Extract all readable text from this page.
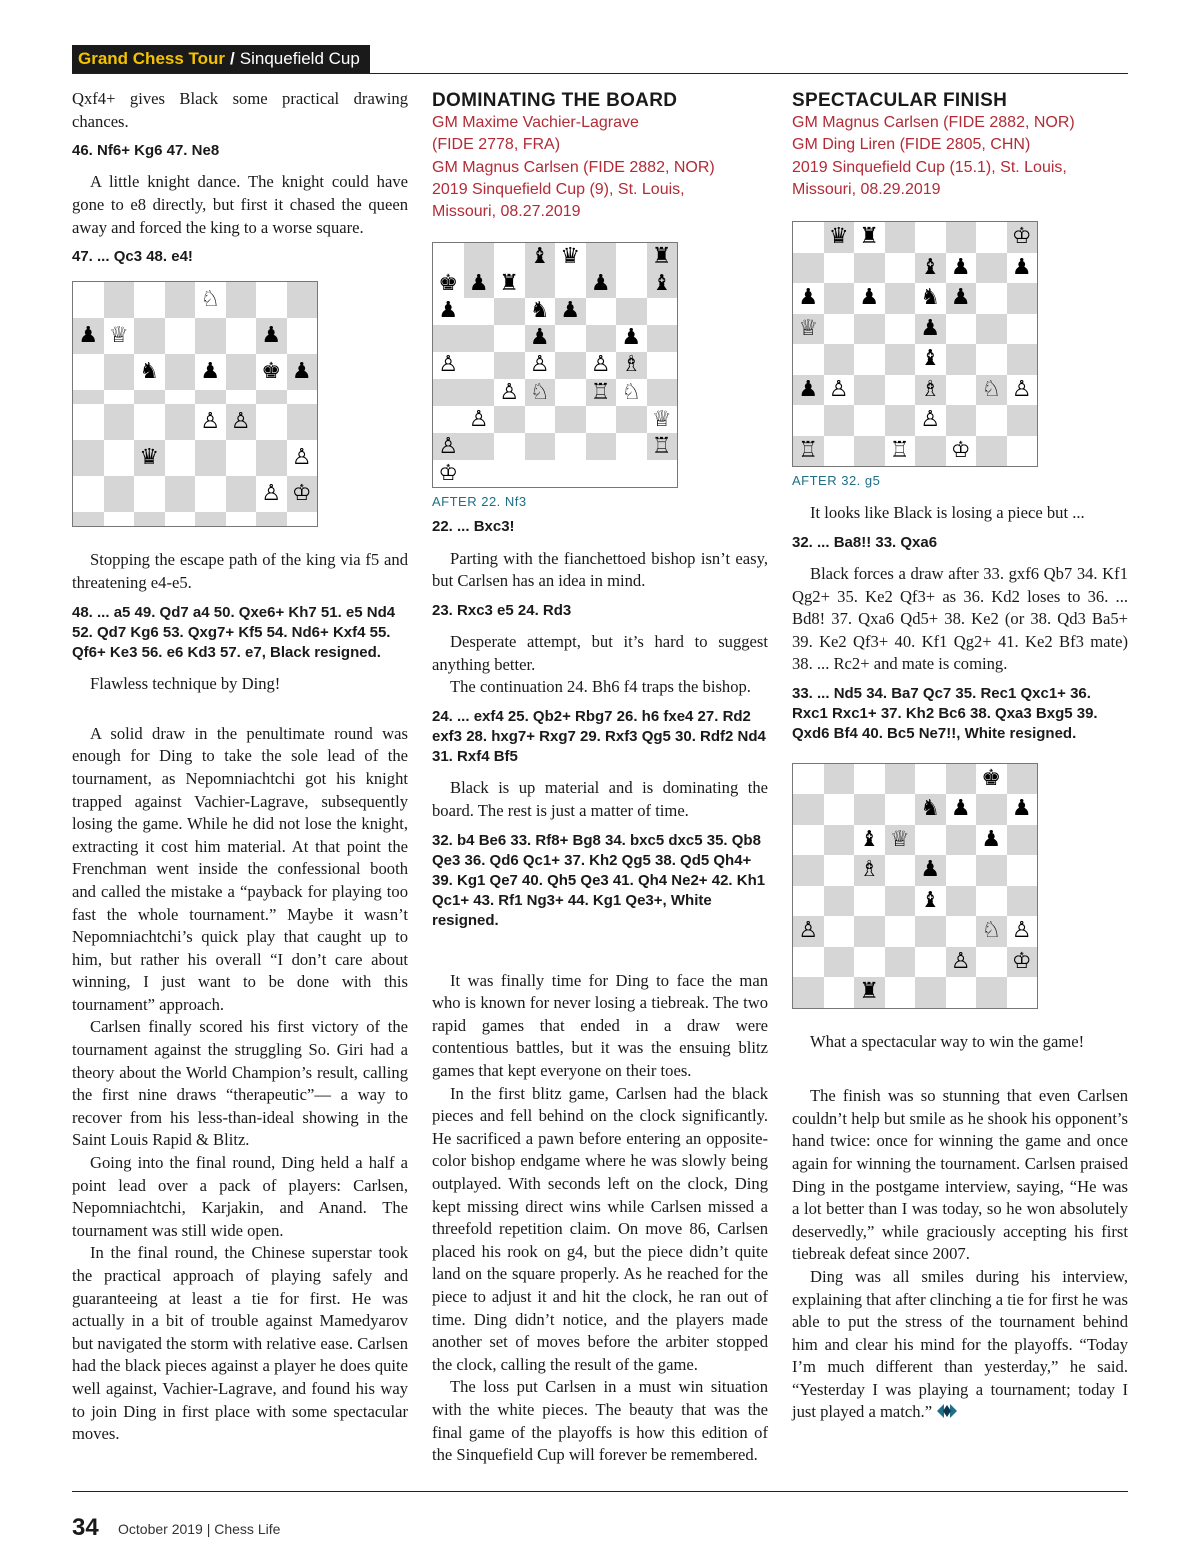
Grand Chess Tour / Sinquefield Cup

Qxf4+ gives Black some practical drawing chances.

46. Nf6+ Kg6 47. Ne8

A little knight dance. The knight could have gone to e8 directly, but first it chased the queen away and forced the king to a worse square.

47. ... Qc3 48. e4!
♘
♟ ♕	♟
♞ ♟ ♚ ♟
♙ ♙
♛	♙
♙ ♔

Stopping the escape path of the king via f5 and threatening e4-e5.

48. ... a5 49. Qd7 a4 50. Qxe6+ Kh7 51. e5 Nd4 52. Qd7 Kg6 53. Qxg7+ Kf5 54. Nd6+ Kxf4 55. Qf6+ Ke3 56. e6 Kd3 57. e7, Black resigned.

Flawless technique by Ding!

A solid draw in the penultimate round was enough for Ding to take the sole lead of the tournament, as Nepomniachtchi got his knight trapped against Vachier-Lagrave, subsequently losing the game. While he did not lose the knight, extracting it cost him material. At that point the Frenchman went inside the confessional booth and called the mistake a “payback for playing too fast the whole tournament.” Maybe it wasn’t Nepomniachtchi’s quick play that caught up to him, but rather his overall “I don’t care about winning, I just want to be done with this tournament” approach.

Carlsen finally scored his first victory of the tournament against the struggling So. Giri had a theory about the World Champion’s result, calling the first nine draws “therapeutic”— a way to recover from his less-than-ideal showing in the Saint Louis Rapid & Blitz.

Going into the final round, Ding held a half a point lead over a pack of players: Carlsen, Nepomniachtchi, Karjakin, and Anand. The tournament was still wide open.

In the final round, the Chinese superstar took the practical approach of playing safely and guaranteeing at least a tie for first. He was actually in a bit of trouble against Mamedyarov but navigated the storm with relative ease. Carlsen had the black pieces against a player he does quite well against, Vachier-Lagrave, and found his way to join Ding in first place with some spectacular moves.

DOMINATING THE BOARD
GM Maxime Vachier-Lagrave
(FIDE 2778, FRA)
GM Magnus Carlsen (FIDE 2882, NOR)
2019 Sinquefield Cup (9), St. Louis,
Missouri, 08.27.2019
♝ ♛	♜
♚ ♟ ♜	♟ ♝
♟	♞ ♟
♟	♟
♙	♙ ♙ ♗
♙ ♘ ♖ ♘
♙	♕
♙	♖
♔
AFTER 22. Nf3
22. ... Bxc3!

Parting with the fianchettoed bishop isn’t easy, but Carlsen has an idea in mind.

23. Rxc3 e5 24. Rd3

Desperate attempt, but it’s hard to suggest anything better.

The continuation 24. Bh6 f4 traps the bishop.

24. ... exf4 25. Qb2+ Rbg7 26. h6 fxe4 27. Rd2 exf3 28. hxg7+ Rxg7 29. Rxf3 Qg5 30. Rdf2 Nd4 31. Rxf4 Bf5

Black is up material and is dominating the board. The rest is just a matter of time.

32. b4 Be6 33. Rf8+ Bg8 34. bxc5 dxc5 35. Qb8 Qe3 36. Qd6 Qc1+ 37. Kh2 Qg5 38. Qd5 Qh4+ 39. Kg1 Qe7 40. Qh5 Qe3 41. Qh4 Ne2+ 42. Kh1 Qc1+ 43. Rf1 Ng3+ 44. Kg1 Qe3+, White resigned.

It was finally time for Ding to face the man who is known for never losing a tiebreak. The two rapid games that ended in a draw were contentious battles, but it was the ensuing blitz games that kept everyone on their toes.

In the first blitz game, Carlsen had the black pieces and fell behind on the clock significantly. He sacrificed a pawn before entering an opposite-color bishop endgame where he was slowly being outplayed. With seconds left on the clock, Ding kept missing direct wins while Carlsen missed a threefold repetition claim. On move 86, Carlsen placed his rook on g4, but the piece didn’t quite land on the square properly. As he reached for the piece to adjust it and hit the clock, he ran out of time. Ding didn’t notice, and the players made another set of moves before the arbiter stopped the clock, calling the result of the game.

The loss put Carlsen in a must win situation with the white pieces. The beauty that was the final game of the playoffs is how this edition of the Sinquefield Cup will forever be remembered.

SPECTACULAR FINISH
GM Magnus Carlsen (FIDE 2882, NOR)
GM Ding Liren (FIDE 2805, CHN)
2019 Sinquefield Cup (15.1), St. Louis,
Missouri, 08.29.2019
♛ ♜	♔
♝ ♟ ♟
♟ ♟ ♞ ♟
♕	♟
♝
♟ ♙	♗ ♘ ♙
♙
♖	♖ ♔
AFTER 32. g5

It looks like Black is losing a piece but ...

32. ... Ba8!! 33. Qxa6

Black forces a draw after 33. gxf6 Qb7 34. Kf1 Qg2+ 35. Ke2 Qf3+ as 36. Kd2 loses to 36. ... Bd8! 37. Qxa6 Qd5+ 38. Ke2 (or 38. Qd3 Ba5+ 39. Ke2 Qf3+ 40. Kf1 Qg2+ 41. Ke2 Bf3 mate) 38. ... Rc2+ and mate is coming.

33. ... Nd5 34. Ba7 Qc7 35. Rec1 Qxc1+ 36. Rxc1 Rxc1+ 37. Kh2 Bc6 38. Qxa3 Bxg5 39. Qxd6 Bf4 40. Bc5 Ne7!!, White resigned.
♚
♞ ♟ ♟
♝ ♕	♟
♗ ♟
♝
♙	♘ ♙
♙ ♔
♜

What a spectacular way to win the game!

The finish was so stunning that even Carlsen couldn’t help but smile as he shook his opponent’s hand twice: once for winning the game and once again for winning the tournament. Carlsen praised Ding in the postgame interview, saying, “He was a lot better than I was today, so he won absolutely deservedly,” while graciously accepting his first tiebreak defeat since 2007.

Ding was all smiles during his interview, explaining that after clinching a tie for first he was able to put the stress of the tournament behind him and clear his mind for the playoffs. “Today I’m much different than yesterday,” he said. “Yesterday I was playing a tournament; today I just played a match.”

34 October 2019 | Chess Life
